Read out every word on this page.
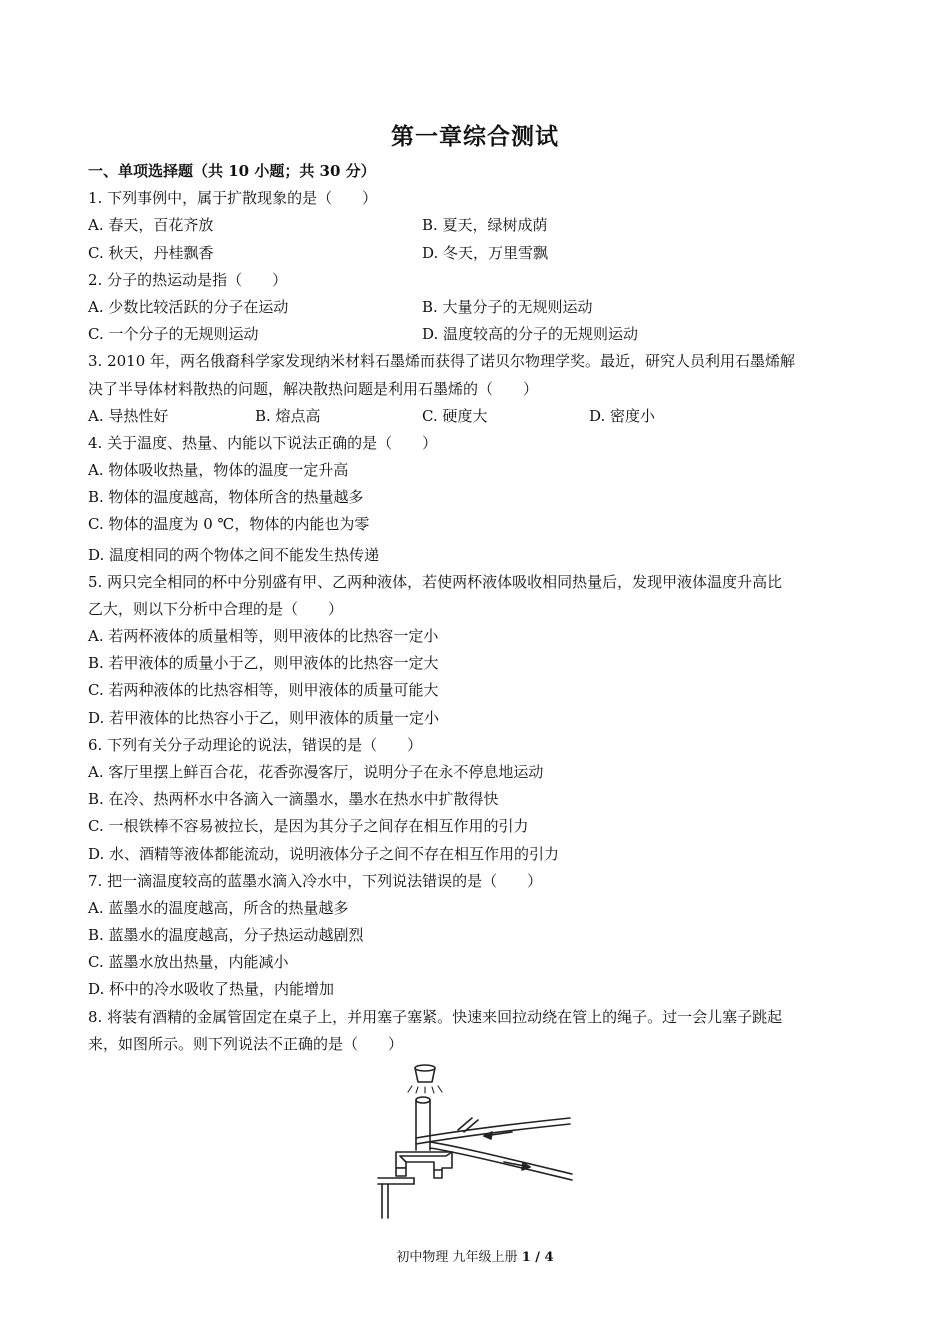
第一章综合测试
一、单项选择题（共 10 小题；共 30 分）
1. 下列事例中，属于扩散现象的是（　　）
A. 春天，百花齐放	B. 夏天，绿树成荫
C. 秋天，丹桂飘香	D. 冬天，万里雪飘
2. 分子的热运动是指（　　）
A. 少数比较活跃的分子在运动	B. 大量分子的无规则运动
C. 一个分子的无规则运动	D. 温度较高的分子的无规则运动
3. 2010 年，两名俄裔科学家发现纳米材料石墨烯而获得了诺贝尔物理学奖。最近，研究人员利用石墨烯解
决了半导体材料散热的问题，解决散热问题是利用石墨烯的（　　）
A. 导热性好	B. 熔点高	C. 硬度大	D. 密度小
4. 关于温度、热量、内能以下说法正确的是（　　）
A. 物体吸收热量，物体的温度一定升高
B. 物体的温度越高，物体所含的热量越多
C. 物体的温度为 0 ℃，物体的内能也为零
D. 温度相同的两个物体之间不能发生热传递
5. 两只完全相同的杯中分别盛有甲、乙两种液体，若使两杯液体吸收相同热量后，发现甲液体温度升高比
乙大，则以下分析中合理的是（　　）
A. 若两杯液体的质量相等，则甲液体的比热容一定小
B. 若甲液体的质量小于乙，则甲液体的比热容一定大
C. 若两种液体的比热容相等，则甲液体的质量可能大
D. 若甲液体的比热容小于乙，则甲液体的质量一定小
6. 下列有关分子动理论的说法，错误的是（　　）
A. 客厅里摆上鲜百合花，花香弥漫客厅，说明分子在永不停息地运动
B. 在冷、热两杯水中各滴入一滴墨水，墨水在热水中扩散得快
C. 一根铁棒不容易被拉长，是因为其分子之间存在相互作用的引力
D. 水、酒精等液体都能流动，说明液体分子之间不存在相互作用的引力
7. 把一滴温度较高的蓝墨水滴入冷水中，下列说法错误的是（　　）
A. 蓝墨水的温度越高，所含的热量越多
B. 蓝墨水的温度越高，分子热运动越剧烈
C. 蓝墨水放出热量，内能减小
D. 杯中的冷水吸收了热量，内能增加
8. 将装有酒精的金属管固定在桌子上，并用塞子塞紧。快速来回拉动绕在管上的绳子。过一会儿塞子跳起
来，如图所示。则下列说法不正确的是（　　）
初中物理 九年级上册 1 / 4
